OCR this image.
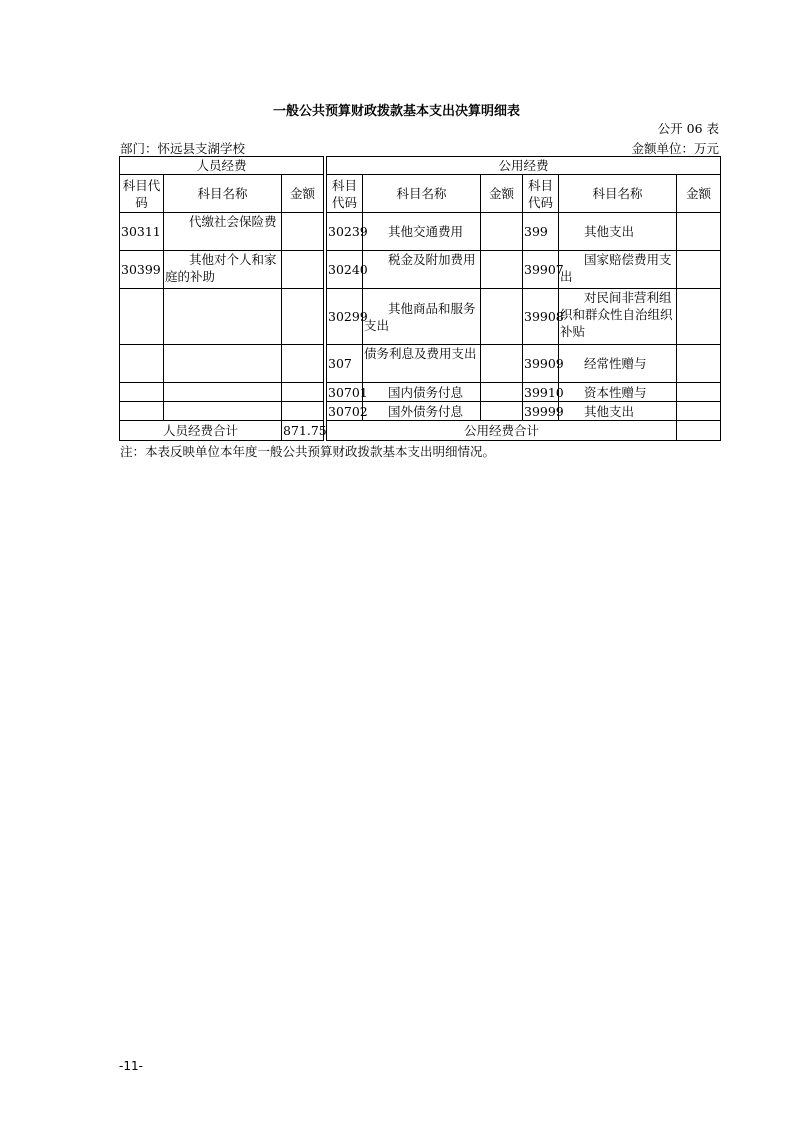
一般公共预算财政拨款基本支出决算明细表
公开 06 表
部门：怀远县支湖学校	金额单位：万元
人员经费				公用经费					
科目代码	科目名称	金额		科目代码	科目名称	金额	科目代码	科目名称	金额
30311	代缴社会保险费			30239	其他交通费用		399	其他支出	
30399	其他对个人和家庭的补助			30240	税金及附加费用		39907	国家赔偿费用支出	
				30299	其他商品和服务支出		39908	对民间非营利组织和群众性自治组织补贴	
				307	债务利息及费用支出		39909	经常性赠与	
				30701	国内债务付息		39910	资本性赠与	
				30702	国外债务付息		39999	其他支出	
人员经费合计		871.75		公用经费合计					
注：本表反映单位本年度一般公共预算财政拨款基本支出明细情况。
-11-
